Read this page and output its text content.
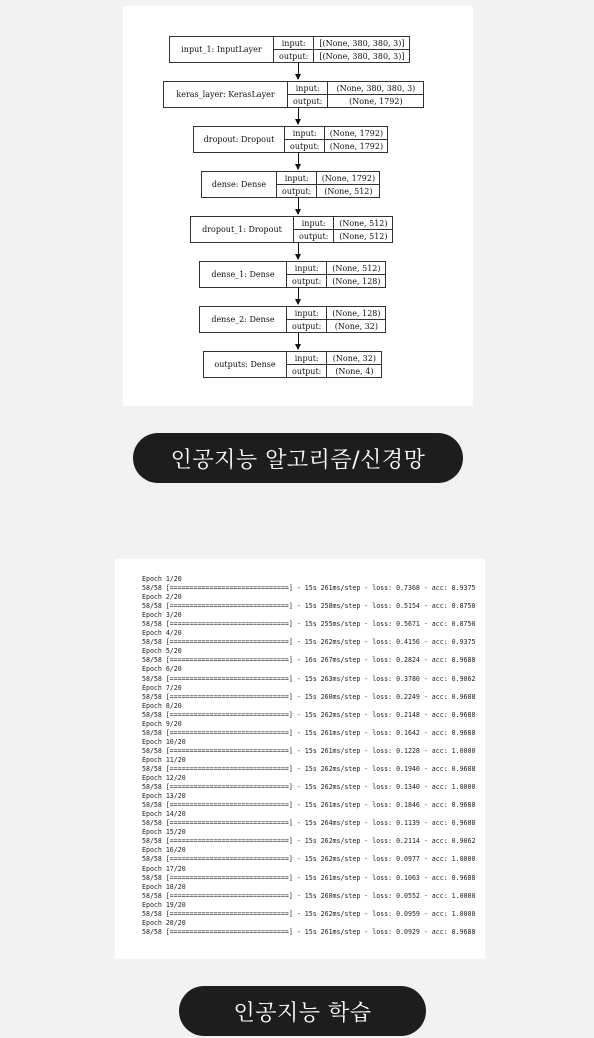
input_1: InputLayer
input:
output:
[(None, 380, 380, 3)]
[(None, 380, 380, 3)]
keras_layer: KerasLayer
input:
output:
(None, 380, 380, 3)
(None, 1792)
dropout: Dropout
input:
output:
(None, 1792)
(None, 1792)
dense: Dense
input:
output:
(None, 1792)
(None, 512)
dropout_1: Dropout
input:
output:
(None, 512)
(None, 512)
dense_1: Dense
input:
output:
(None, 512)
(None, 128)
dense_2: Dense
input:
output:
(None, 128)
(None, 32)
outputs: Dense
input:
output:
(None, 32)
(None, 4)
인공지능 알고리즘/신경망
Epoch 1/20
58/58 [==============================] - 15s 261ms/step - loss: 0.7368 - acc: 0.9375
Epoch 2/20
58/58 [==============================] - 15s 258ms/step - loss: 0.5154 - acc: 0.8750
Epoch 3/20
58/58 [==============================] - 15s 255ms/step - loss: 0.5671 - acc: 0.8750
Epoch 4/20
58/58 [==============================] - 15s 262ms/step - loss: 0.4156 - acc: 0.9375
Epoch 5/20
58/58 [==============================] - 16s 267ms/step - loss: 0.2824 - acc: 0.9688
Epoch 6/20
58/58 [==============================] - 15s 263ms/step - loss: 0.3780 - acc: 0.9062
Epoch 7/20
58/58 [==============================] - 15s 260ms/step - loss: 0.2249 - acc: 0.9688
Epoch 8/20
58/58 [==============================] - 15s 262ms/step - loss: 0.2148 - acc: 0.9688
Epoch 9/20
58/58 [==============================] - 15s 261ms/step - loss: 0.1642 - acc: 0.9688
Epoch 10/20
58/58 [==============================] - 15s 261ms/step - loss: 0.1228 - acc: 1.0000
Epoch 11/20
58/58 [==============================] - 15s 262ms/step - loss: 0.1940 - acc: 0.9688
Epoch 12/20
58/58 [==============================] - 15s 262ms/step - loss: 0.1340 - acc: 1.0000
Epoch 13/20
58/58 [==============================] - 15s 261ms/step - loss: 0.1846 - acc: 0.9688
Epoch 14/20
58/58 [==============================] - 15s 264ms/step - loss: 0.1139 - acc: 0.9688
Epoch 15/20
58/58 [==============================] - 15s 262ms/step - loss: 0.2114 - acc: 0.9062
Epoch 16/20
58/58 [==============================] - 15s 262ms/step - loss: 0.0977 - acc: 1.0000
Epoch 17/20
58/58 [==============================] - 15s 261ms/step - loss: 0.1063 - acc: 0.9688
Epoch 18/20
58/58 [==============================] - 15s 260ms/step - loss: 0.0552 - acc: 1.0000
Epoch 19/20
58/58 [==============================] - 15s 262ms/step - loss: 0.0959 - acc: 1.0000
Epoch 20/20
58/58 [==============================] - 15s 261ms/step - loss: 0.0929 - acc: 0.9688
인공지능 학습
